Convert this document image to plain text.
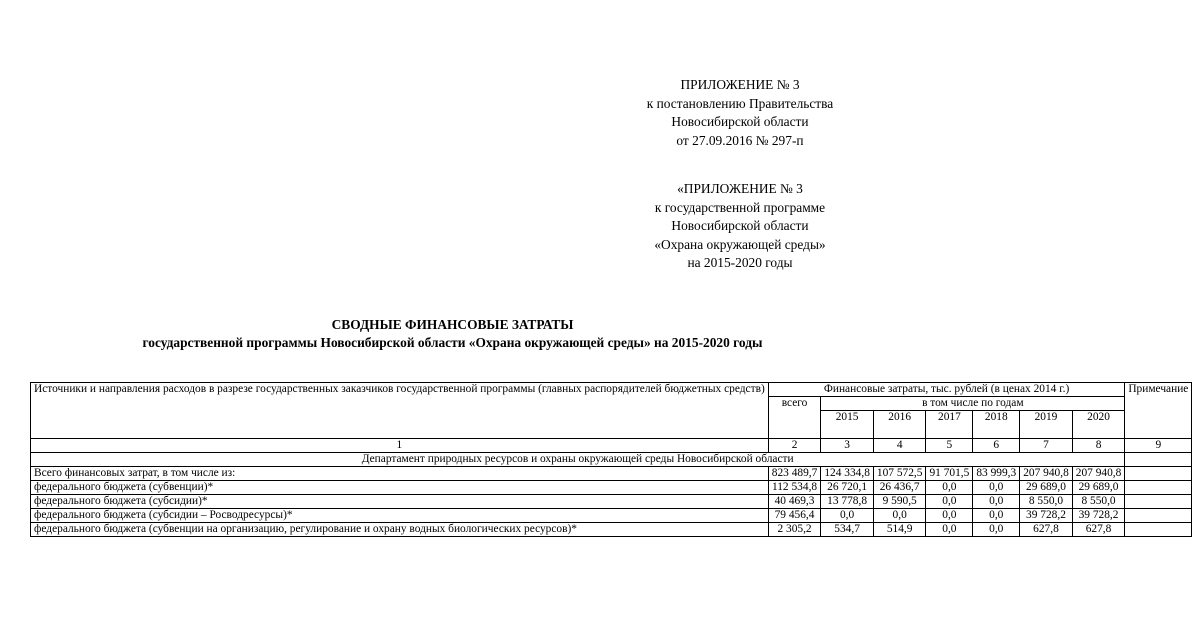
ПРИЛОЖЕНИЕ № 3
к постановлению Правительства
Новосибирской области
от 27.09.2016 № 297-п
«ПРИЛОЖЕНИЕ № 3
к государственной программе
Новосибирской области
«Охрана окружающей среды»
на 2015-2020 годы
СВОДНЫЕ ФИНАНСОВЫЕ ЗАТРАТЫ
государственной программы Новосибирской области «Охрана окружающей среды» на 2015-2020 годы
Источники и направления расходов в разрезе государственных заказчиков государственной программы (главных распорядителей бюджетных средств)	Финансовые затраты, тыс. рублей (в ценах 2014 г.)							Примечание
	всего	в том числе по годам						
		2015	2016	2017	2018	2019	2020	
1	2	3	4	5	6	7	8	9
Департамент природных ресурсов и охраны окружающей среды Новосибирской области								
Всего финансовых затрат, в том числе из:	823 489,7	124 334,8	107 572,5	91 701,5	83 999,3	207 940,8	207 940,8	
федерального бюджета (субвенции)*	112 534,8	26 720,1	26 436,7	0,0	0,0	29 689,0	29 689,0	
федерального бюджета (субсидии)*	40 469,3	13 778,8	9 590,5	0,0	0,0	8 550,0	8 550,0	
федерального бюджета (субсидии – Росводресурсы)*	79 456,4	0,0	0,0	0,0	0,0	39 728,2	39 728,2	
федерального бюджета (субвенции на организацию, регулирование и охрану водных биологических ресурсов)*	2 305,2	534,7	514,9	0,0	0,0	627,8	627,8	
